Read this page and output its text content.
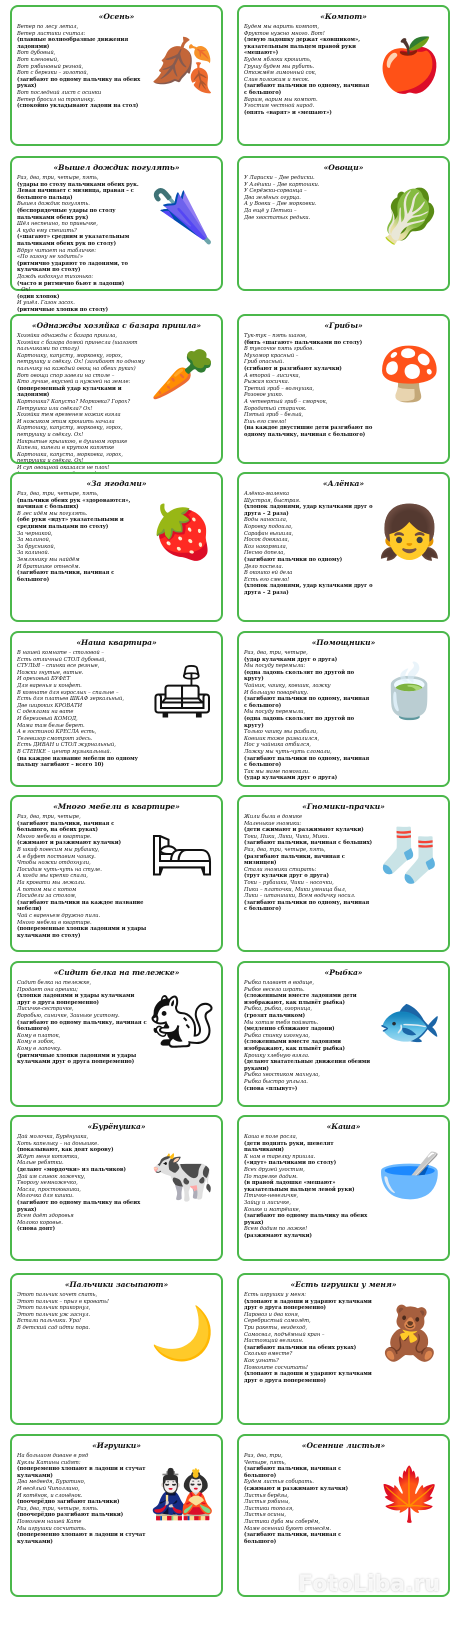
«Осень»
Ветер по лесу летал,
Ветер листики считал:
(плавные волнообразные движения ладонями)
Вот дубовый,
Вот кленовый,
Вот рябиновый резной,
Вот с березки – золотой,
(загибают по одному пальчику на обеих руках)
Вот последний лист с осинки
Ветер бросил на тропинку.
(спокойно укладывают ладони на стол)
🍂
«Компот»
Будем мы варить компот,
Фруктов нужно много. Вот!
(левую ладошку держат «ковшиком», указательным пальцем правой руки «мешают»)
Будем яблоки крошить,
Грушу будем мы рубить.
Отожмём лимонный сок,
Слив положим и песок.
(загибают пальчики по одному, начиная с большого)
Варим, варим мы компот.
Угостим честной народ.
(опять «варят» и «мешают»)
🍎
«Вышел дождик погулять»
Раз, два, три, четыре, пять,
(удары по столу пальчиками обеих рук. Левая начинает с мизинца, правая – с большого пальца)
Вышел дождик погулять.
(беспорядочные удары по столу пальчиками обеих рук)
Шёл неспешно, по привычке,
А куда ему спешить?
(«шагают» средним и указательным пальчиками обеих рук по столу)
Вдруг читает на табличке:
«По газону не ходить!»
(ритмично ударяют то ладонями, то кулачками по столу)
Дождь вздохнул тихонько:
(часто и ритмично бьют в ладоши)
– Ох!
(один хлопок)
И ушёл. Газон засох.
(ритмичные хлопки по столу)
🌂
«Овощи»
У Лариски – Две редиски.
У Алёшки – Две картошки.
У Серёжки-сорванца –
Два зелёных огурца.
А у Вовки – Две морковки.
Да ещё у Петьки –
Две хвостатых редьки.	🥬
«Однажды хозяйка с базара пришла»
Хозяйка однажды с базара пришла,
Хозяйка с базара домой принесла (шагают пальчиками по столу)
Картошку, капусту, морковку, горох, петрушку и свёклу. Ох! (загибают по одному пальчику на каждый овощ на обеих руках)
Вот овощи спор завели на столе –
Кто лучше, вкусней и нужней на земле:
(попеременный удар кулачками и ладонями)
Картошка? Капуста? Морковка? Горох? Петрушка или свёкла? Ох!
Хозяйка тем временем ножик взяла
И ножиком этим крошить начала
Картошку, капусту, морковку, горох, петрушку и свёклу. Ох!
Накрытые крышкою, в душном горшке
Кипели, кипели в крутом кипятке
Картошка, капуста, морковка, горох, петрушка и свёкла. Ох!
И суп овощной оказался не плох!
🥕
«Грибы»
Тук-тук – пять шагов,
(бить «шагают» пальчиками по столу)
В туесочке пять грибов.
Мухомор красный –
Гриб опасный.
(сгибают и разгибают кулачки)
А второй – лисичка,
Рыжая косичка.
Третий гриб – волнушка,
Розовое ушко.
А четвертый гриб – сморчок,
Бородатый старичок.
Пятый гриб – белый,
Ешь его смело!
(на каждое двустишие дети разгибают по одному пальчику, начиная с большого)
🍄
«За ягодами»
Раз, два, три, четыре, пять,
(пальчики обеих рук «здороваются», начиная с больших)
В лес идём мы погулять.
(обе руки «идут» указательными и средними пальцами по столу)
За черникой,
За малиной,
За брусникой,
За калиной.
Землянику мы найдём
И братишке отнесём.
(загибают пальчики, начиная с большого)
🍓
«Алёнка»
Алёнка-маленка
Шустрая, быстрая.
(хлопок ладонями, удар кулачками друг о друга – 2 раза)
Воды наносила,
Коровку подоила,
Сарафан вышила,
Носок довязала,
Коз накормила,
Песню допела,
(загибают пальчики по одному)
Дело поспела.
В окошко ей дела
Есть его смело!
(хлопок ладонями, удар кулачками друг о друга – 2 раза)
👧
«Наша квартира»
В нашей комнате – столовой –
Есть отличный СТОЛ дубовый,
СТУЛЬЯ – спинки все резные,
Ножки гнутые, витые.
И ореховый БУФЕТ
Для варенья и конфет.
В комнате для взрослых – спальне –
Есть для платьев ШКАФ зеркальный,
Две широких КРОВАТИ
С одеялами на вате
И березовый КОМОД,
Мама там белье берет.
А в гостиной КРЕСЛА есть,
Телевизор смотрят здесь.
Есть ДИВАН и СТОЛ журнальный,
В СТЕНКЕ – центр музыкальный.
(на каждое название мебели по одному пальцу загибают – всего 10)
🛋
«Помощники»
Раз, два, три, четыре,
(удар кулачками друг о друга)
Мы посуду перемыли:
(одна ладонь скользит по другой по кругу)
Чайник, чашку, ковшик, ложку
И большую поварёшку.
(загибают пальчики по одному, начиная с большого)
Мы посуду перемыли,
(одна ладонь скользит по другой по кругу)
Только чашку мы разбили,
Ковшик тоже развалился,
Нос у чайника отбился,
Ложку мы чуть-чуть сломали,
(загибают пальчики по одному, начиная с большого)
Так мы маме помогали.
(удар кулачками друг о друга)
🍵
«Много мебели в квартире»
Раз, два, три, четыре,
(загибают пальчики, начиная с большого, на обеих руках)
Много мебели в квартире.
(сжимают и разжимают кулачки)
В шкаф повесим мы рубашку,
А в буфет поставим чашку.
Чтобы ножки отдохнули,
Посидим чуть-чуть на стуле.
А когда мы крепко спали,
На кровати мы лежали.
А потом мы с котом
Посидели за столом,
(загибают пальчики на каждое название мебели)
Чай с вареньем дружно пили.
Много мебели в квартире.
(попеременные хлопки ладонями и удары кулачками по столу)
🛏
«Гномики-прачки»
Жили были в домике
Маленькие гномики:
(дети сжимают и разжимают кулачки)
Токи, Пики, Лики, Чики, Мики.
(загибают пальчики, начиная с больших)
Раз, два, три, четыре, пять,
(разгибают пальчики, начиная с мизинцев)
Стали гномики стирать:
(трут кулачки друг о друга)
Токи – рубашки, Чики – носочки,
Пики – платочки, Мики умница был,
Лики – штанишки, Всем водичку носил.
(загибают пальчики по одному, начиная с большого)
🧦
«Сидит белка на тележке»
Сидит белка на тележке,
Продает она орешки;
(хлопки ладонями и удары кулачками друг о друга попеременно)
Лисичке-сестричке,
Воробью, синичке, Заиньке усатому.
(загибают по одному пальчику, начиная с большого)
Кому в платок,
Кому в зобок,
Кому в лапочку.
(ритмичные хлопки ладонями и удары кулачками друг о друга попеременно)
🐿
«Рыбка»
Рыбка плавает в водице,
Рыбке весело играть.
(сложенными вместе ладонями дети изображают, как плывёт рыбка)
Рыбка, рыбка, озорница,
(грозят пальчиком)
Мы хотим тебя поймать.
(медленно сближают ладони)
Рыбка спинку изогнула,
(сложенными вместе ладонями изображают, как плывёт рыбка)
Крошку хлебную взяла.
(делают хватательные движения обеими руками)
Рыбка хвостиком махнула,
Рыбка быстро уплыла.
(снова «плывут»)
🐟
«Бурёнушка»
Дай молочка, Бурёнушка,
Хоть капельку – на донышке.
(показывают, как доят корову)
Ждут меня котятки,
Малые ребятки.
(делают «мордочки» из пальчиков)
Дай им сливок ложечку,
Творогу немножечко,
Масла, простоквашки,
Молочка для кашки.
(загибают по одному пальчику на обеих руках)
Всем даёт здоровья
Молоко коровье.
(снова доят)
🐄
«Каша»
Каша в поле росла,
(дети поднять руки, шевелят пальчиками)
К нам в тарелку пришла.
(«идут» пальчиками по столу)
Всех друзей угостим,
По тарелке дадим.
(в правой ладошке «мешают» указательным пальцем левой руки)
Птичке-невеличке,
Зайцу и лисичке,
Кошке и матрёшке,
(загибают по одному пальчику на обеих руках)
Всем дадим по ложке!
(разжимают кулачки)
🥣
«Пальчики засыпают»
Этот пальчик хочет спать,
Этот пальчик – прыг в кровать!
Этот пальчик прикорнул,
Этот пальчик уж заснул.
Встали пальчики. Ура!
В детский сад идти пора.	🌙
«Есть игрушки у меня»
Есть игрушки у меня:
(хлопают в ладоши и ударяют кулачками друг о друга попеременно)
Паровоз и два коня,
Серебристый самолёт,
Три ракеты, вездеход,
Самосвал, подъёмный кран –
Настоящий великан.
(загибают пальчики на обеих руках)
Сколько вместе?
Как узнать?
Помогите сосчитать!
(хлопают в ладоши и ударяют кулачками друг о друга попеременно)
🧸
«Игрушки»
На большом диване в ряд
Куклы Катины сидят:
(попеременно хлопают в ладоши и стучат кулачками)
Два медведя, Буратино,
И весёлый Чиполлино,
И котёнок, и слонёнок.
(поочерёдно загибают пальчики)
Раз, два, три, четыре, пять.
(поочерёдно разгибают пальчики)
Помогаем нашей Кате
Мы игрушки сосчитать.
(попеременно хлопают в ладоши и стучат кулачками)
🎎
«Осенние листья»
Раз, два, три,
Четыре, пять,
(загибают пальчики, начиная с большого)
Будем листья собирать.
(сжимают и разжимают кулачки)
Листья берёзы,
Листья рябины,
Листики тополя,
Листья осины,
Листики дуба мы соберём,
Маме осенний букет отнесём.
(загибают пальчики, начиная с большого)
🍁
FotoLiba.ru
